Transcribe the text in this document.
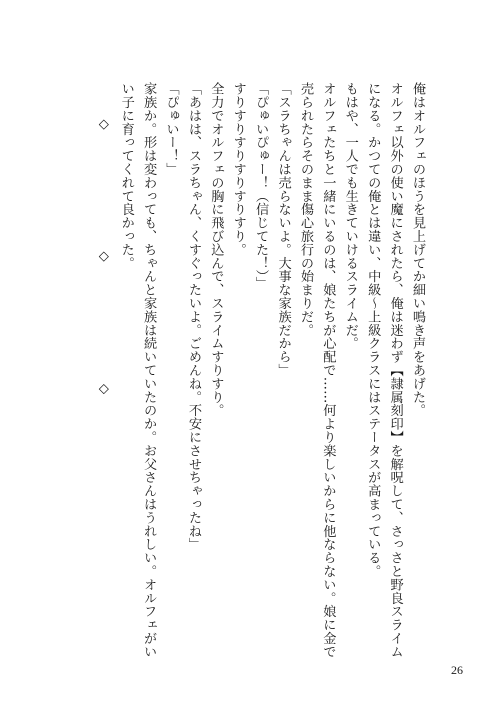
俺はオルフェのほうを見上げてか細い鳴き声をあげた。
オルフェ以外の使い魔にされたら、俺は迷わず【隷属刻印】を解呪して、さっさと野良スライム
になる。かつての俺とは違い、中級～上級クラスにはステータスが高まっている。
もはや、一人でも生きていけるスライムだ。
オルフェたちと一緒にいるのは、娘たちが心配で……何より楽しいからに他ならない。娘に金で
売られたらそのまま傷心旅行の始まりだ。
「スラちゃんは売らないよ。大事な家族だから」
「ぴゅいぴゅー！（信じてた！）」
すりすりすりすりすりすり。
全力でオルフェの胸に飛び込んで、スライムすりすり。
「あはは、スラちゃん、くすぐったいよ。ごめんね。不安にさせちゃったね」
「ぴゅいー！」
家族か。形は変わっても、ちゃんと家族は続いていたのか。お父さんはうれしい。オルフェがい
い子に育ってくれて良かった。
◇　◇　◇
26
